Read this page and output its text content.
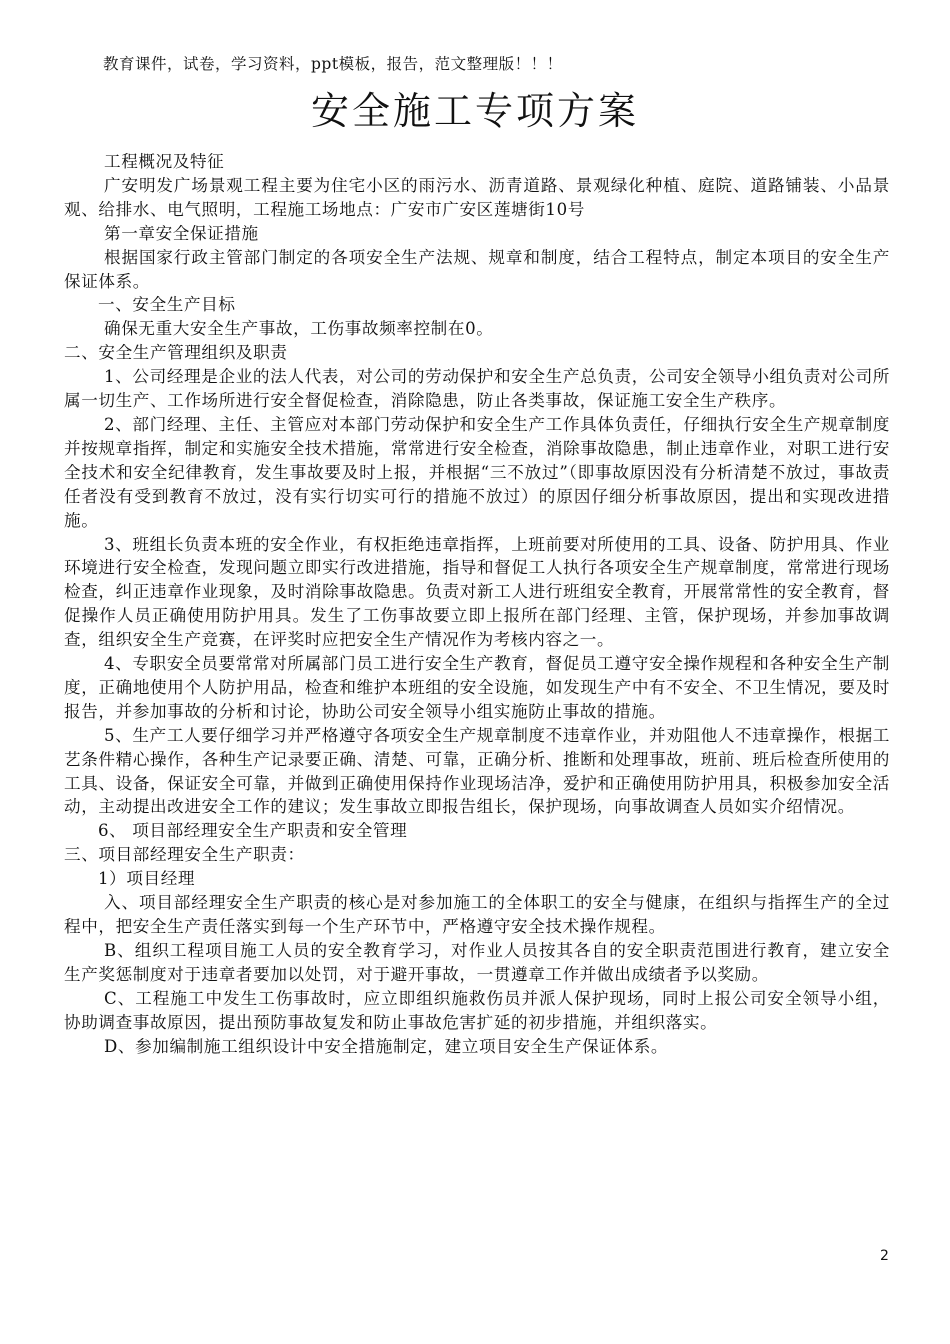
教育课件，试卷，学习资料，ppt模板，报告，范文整理版！！！
安全施工专项方案

工程概况及特征

广安明发广场景观工程主要为住宅小区的雨污水、沥青道路、景观绿化种植、庭院、道路铺装、小品景观、给排水、电气照明，工程施工场地点：广安市广安区莲塘街10号

第一章安全保证措施

根据国家行政主管部门制定的各项安全生产法规、规章和制度，结合工程特点，制定本项目的安全生产保证体系。

一、安全生产目标

确保无重大安全生产事故，工伤事故频率控制在0。

二、安全生产管理组织及职责

1、公司经理是企业的法人代表，对公司的劳动保护和安全生产总负责，公司安全领导小组负责对公司所属一切生产、工作场所进行安全督促检查，消除隐患，防止各类事故，保证施工安全生产秩序。

2、部门经理、主任、主管应对本部门劳动保护和安全生产工作具体负责任，仔细执行安全生产规章制度并按规章指挥，制定和实施安全技术措施，常常进行安全检查，消除事故隐患，制止违章作业，对职工进行安全技术和安全纪律教育，发生事故要及时上报，并根据“三不放过”（即事故原因没有分析清楚不放过，事故责任者没有受到教育不放过，没有实行切实可行的措施不放过）的原因仔细分析事故原因，提出和实现改进措施。

3、班组长负责本班的安全作业，有权拒绝违章指挥，上班前要对所使用的工具、设备、防护用具、作业环境进行安全检查，发现问题立即实行改进措施，指导和督促工人执行各项安全生产规章制度，常常进行现场检查，纠正违章作业现象，及时消除事故隐患。负责对新工人进行班组安全教育，开展常常性的安全教育，督促操作人员正确使用防护用具。发生了工伤事故要立即上报所在部门经理、主管，保护现场，并参加事故调查，组织安全生产竞赛，在评奖时应把安全生产情况作为考核内容之一。

4、专职安全员要常常对所属部门员工进行安全生产教育，督促员工遵守安全操作规程和各种安全生产制度，正确地使用个人防护用品，检查和维护本班组的安全设施，如发现生产中有不安全、不卫生情况，要及时报告，并参加事故的分析和讨论，协助公司安全领导小组实施防止事故的措施。

5、生产工人要仔细学习并严格遵守各项安全生产规章制度不违章作业，并劝阻他人不违章操作，根据工艺条件精心操作，各种生产记录要正确、清楚、可靠，正确分析、推断和处理事故，班前、班后检查所使用的工具、设备，保证安全可靠，并做到正确使用保持作业现场洁净，爱护和正确使用防护用具，积极参加安全活动，主动提出改进安全工作的建议；发生事故立即报告组长，保护现场，向事故调查人员如实介绍情况。

6、 项目部经理安全生产职责和安全管理

三、项目部经理安全生产职责：

1）项目经理

入、项目部经理安全生产职责的核心是对参加施工的全体职工的安全与健康，在组织与指挥生产的全过程中，把安全生产责任落实到每一个生产环节中，严格遵守安全技术操作规程。

B、组织工程项目施工人员的安全教育学习，对作业人员按其各自的安全职责范围进行教育，建立安全生产奖惩制度对于违章者要加以处罚，对于避开事故，一贯遵章工作并做出成绩者予以奖励。

C、工程施工中发生工伤事故时，应立即组织施救伤员并派人保护现场，同时上报公司安全领导小组，协助调查事故原因，提出预防事故复发和防止事故危害扩延的初步措施，并组织落实。

D、参加编制施工组织设计中安全措施制定，建立项目安全生产保证体系。

2
